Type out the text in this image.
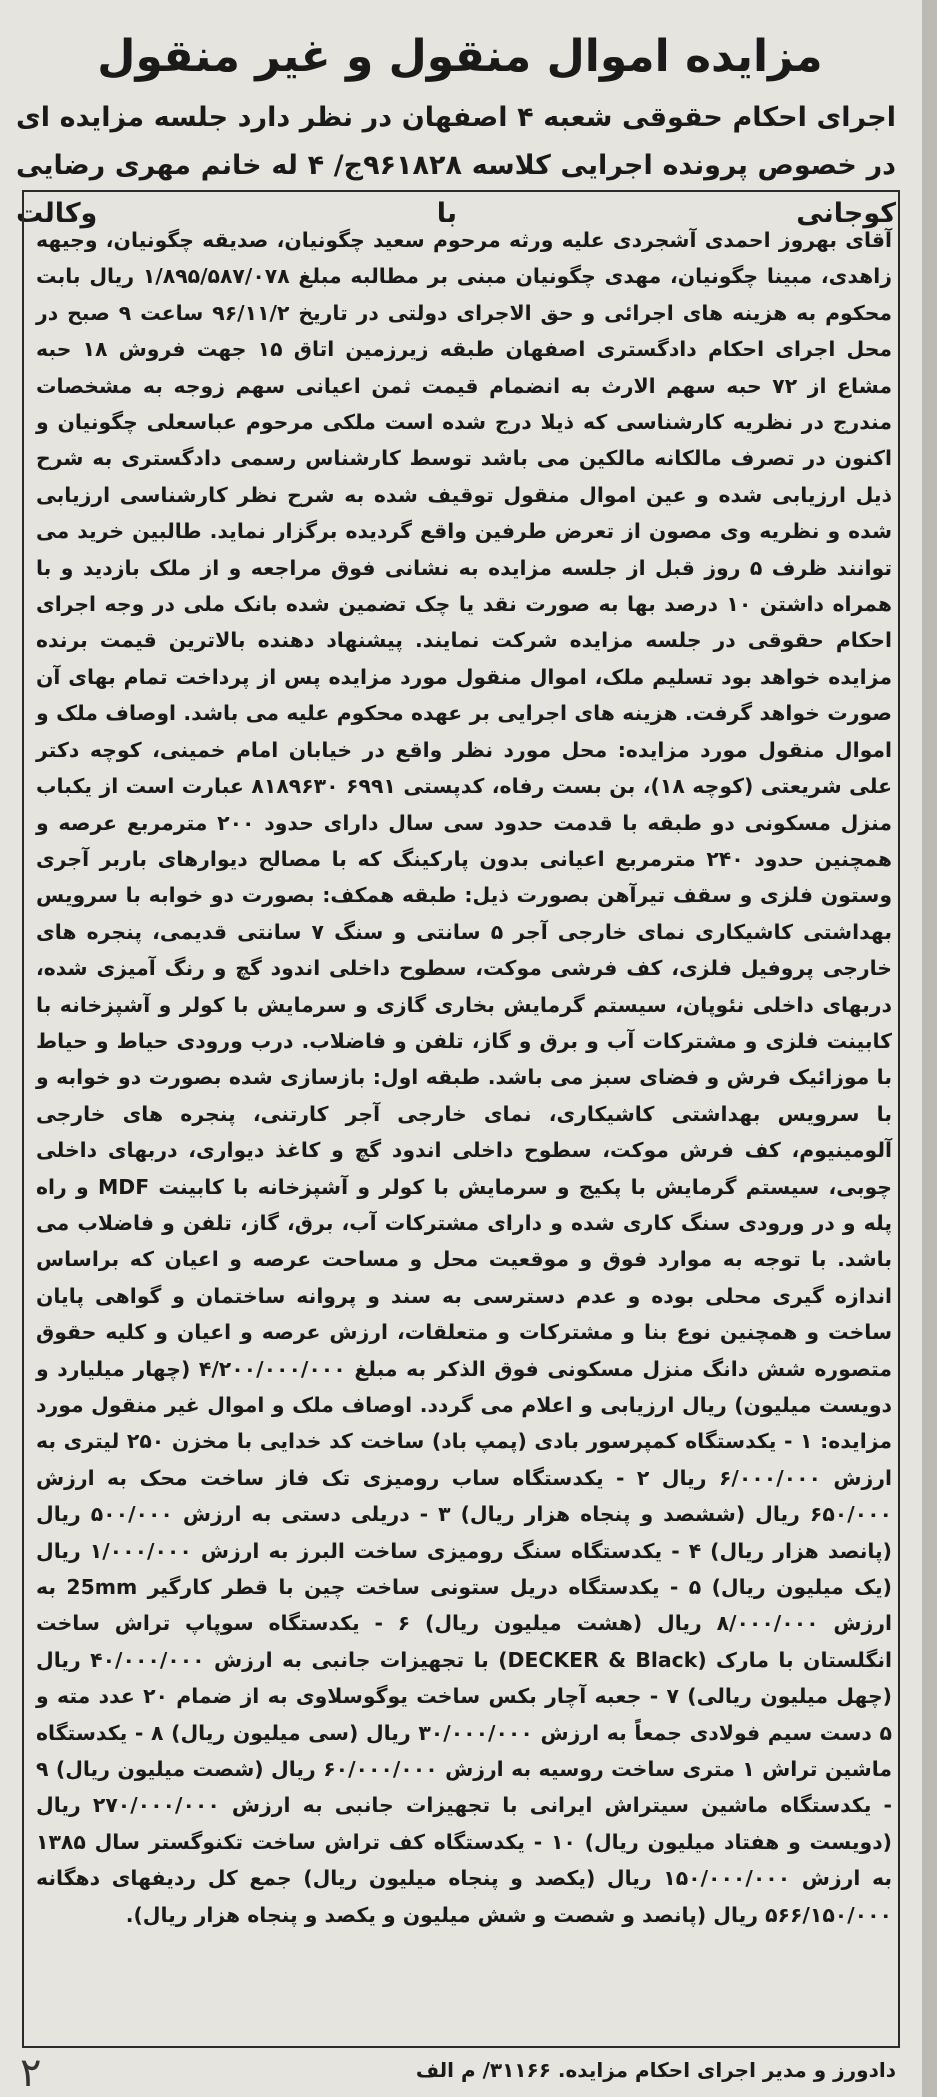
مزایده اموال منقول و غیر منقول
اجرای احکام حقوقی شعبه ۴ اصفهان در نظر دارد جلسه مزایده ای در خصوص پرونده اجرایی کلاسه ۹۶۱۸۲۸ج/ ۴ له خانم مهری رضایی کوجانی با وکالت

آقای بهروز احمدی آشجردی علیه ورثه مرحوم سعید چگونیان، صدیقه چگونیان، وجیهه زاهدی، مبینا چگونیان، مهدی چگونیان مبنی بر مطالبه مبلغ ۱/۸۹۵/۵۸۷/۰۷۸ ریال بابت محکوم به هزینه های اجرائی و حق الاجرای دولتی در تاریخ ۹۶/۱۱/۲ ساعت ۹ صبح در محل اجرای احکام دادگستری اصفهان طبقه زیرزمین اتاق ۱۵ جهت فروش ۱۸ حبه مشاع از ۷۲ حبه سهم الارث به انضمام قیمت ثمن اعیانی سهم زوجه به مشخصات مندرج در نظریه کارشناسی که ذیلا درج شده است ملکی مرحوم عباسعلی چگونیان و اکنون در تصرف مالکانه مالکین می باشد توسط کارشناس رسمی دادگستری به شرح ذیل ارزیابی شده و عین اموال منقول توقیف شده به شرح نظر کارشناسی ارزیابی شده و نظریه وی مصون از تعرض طرفین واقع گردیده برگزار نماید. طالبین خرید می توانند ظرف ۵ روز قبل از جلسه مزایده به نشانی فوق مراجعه و از ملک بازدید و با همراه داشتن ۱۰ درصد بها به صورت نقد یا چک تضمین شده بانک ملی در وجه اجرای احکام حقوقی در جلسه مزایده شرکت نمایند. پیشنهاد دهنده بالاترین قیمت برنده مزایده خواهد بود تسلیم ملک، اموال منقول مورد مزایده پس از پرداخت تمام بهای آن صورت خواهد گرفت. هزینه های اجرایی بر عهده محکوم علیه می باشد. اوصاف ملک و اموال منقول مورد مزایده: محل مورد نظر واقع در خیابان امام خمینی، کوچه دکتر علی شریعتی (کوچه ۱۸)، بن بست رفاه، کدپستی ۶۹۹۱ ۸۱۸۹۶۳۰ عبارت است از یکباب منزل مسکونی دو طبقه با قدمت حدود سی سال دارای حدود ۲۰۰ مترمربع عرصه و همچنین حدود ۲۴۰ مترمربع اعیانی بدون پارکینگ که با مصالح دیوارهای باربر آجری وستون فلزی و سقف تیرآهن بصورت ذیل: طبقه همکف: بصورت دو خوابه با سرویس بهداشتی کاشیکاری نمای خارجی آجر ۵ سانتی و سنگ ۷ سانتی قدیمی، پنجره های خارجی پروفیل فلزی، کف فرشی موکت، سطوح داخلی اندود گچ و رنگ آمیزی شده، دربهای داخلی نئوپان، سیستم گرمایش بخاری گازی و سرمایش با کولر و آشپزخانه با کابینت فلزی و مشترکات آب و برق و گاز، تلفن و فاضلاب. درب ورودی حیاط و حیاط با موزائیک فرش و فضای سبز می باشد. طبقه اول: بازسازی شده بصورت دو خوابه و با سرویس بهداشتی کاشیکاری، نمای خارجی آجر کارتنی، پنجره های خارجی آلومینیوم، کف فرش موکت، سطوح داخلی اندود گچ و کاغذ دیواری، دربهای داخلی چوبی، سیستم گرمایش با پکیج و سرمایش با کولر و آشپزخانه با کابینت MDF و راه پله و در ورودی سنگ کاری شده و دارای مشترکات آب، برق، گاز، تلفن و فاضلاب می باشد. با توجه به موارد فوق و موقعیت محل و مساحت عرصه و اعیان که براساس اندازه گیری محلی بوده و عدم دسترسی به سند و پروانه ساختمان و گواهی پایان ساخت و همچنین نوع بنا و مشترکات و متعلقات، ارزش عرصه و اعیان و کلیه حقوق متصوره شش دانگ منزل مسکونی فوق الذکر به مبلغ ۴/۲۰۰/۰۰۰/۰۰۰ (چهار میلیارد و دویست میلیون) ریال ارزیابی و اعلام می گردد. اوصاف ملک و اموال غیر منقول مورد مزایده: ۱ - یکدستگاه کمپرسور بادی (پمپ باد) ساخت کد خدایی با مخزن ۲۵۰ لیتری به ارزش ۶/۰۰۰/۰۰۰ ریال ۲ - یکدستگاه ساب رومیزی تک فاز ساخت محک به ارزش ۶۵۰/۰۰۰ ریال (ششصد و پنجاه هزار ریال) ۳ - دریلی دستی به ارزش ۵۰۰/۰۰۰ ریال (پانصد هزار ریال) ۴ - یکدستگاه سنگ رومیزی ساخت البرز به ارزش ۱/۰۰۰/۰۰۰ ریال (یک میلیون ریال) ۵ - یکدستگاه دریل ستونی ساخت چین با قطر کارگیر 25mm به ارزش ۸/۰۰۰/۰۰۰ ریال (هشت میلیون ریال) ۶ - یکدستگاه سوپاپ تراش ساخت انگلستان با مارک (DECKER & Black) با تجهیزات جانبی به ارزش ۴۰/۰۰۰/۰۰۰ ریال (چهل میلیون ریالی) ۷ - جعبه آچار بکس ساخت یوگوسلاوی به از ضمام ۲۰ عدد مته و ۵ دست سیم فولادی جمعاً به ارزش ۳۰/۰۰۰/۰۰۰ ریال (سی میلیون ریال) ۸ - یکدستگاه ماشین تراش ۱ متری ساخت روسیه به ارزش ۶۰/۰۰۰/۰۰۰ ریال (شصت میلیون ریال) ۹ - یکدستگاه ماشین سیتراش ایرانی با تجهیزات جانبی به ارزش ۲۷۰/۰۰۰/۰۰۰ ریال (دویست و هفتاد میلیون ریال) ۱۰ - یکدستگاه کف تراش ساخت تکنوگستر سال ۱۳۸۵ به ارزش ۱۵۰/۰۰۰/۰۰۰ ریال (یکصد و پنجاه میلیون ریال) جمع کل ردیفهای دهگانه ۵۶۶/۱۵۰/۰۰۰ ریال (پانصد و شصت و شش میلیون و یکصد و پنجاه هزار ریال).

دادورز و مدیر اجرای احکام مزایده. ۳۱۱۶۶/ م الف
٢
